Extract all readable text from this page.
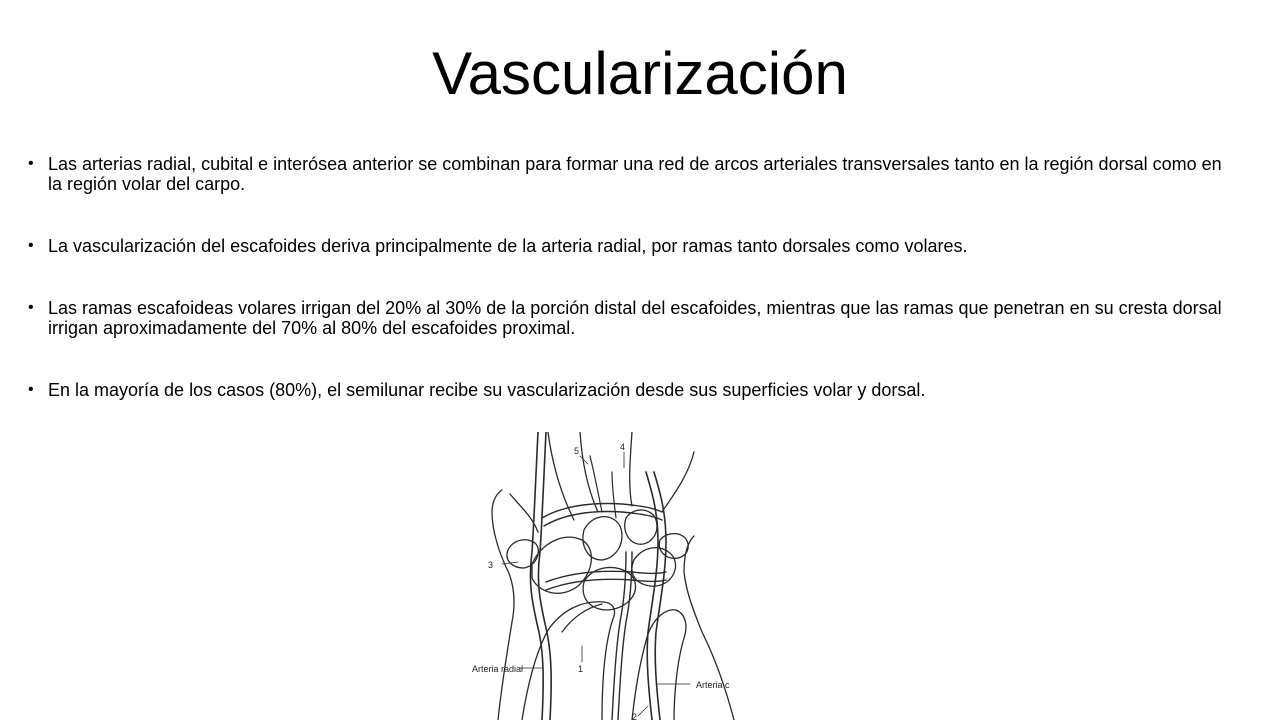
Vascularización
• Las arterias radial, cubital e interósea anterior se combinan para formar una red de arcos arteriales transversales tanto en la región dorsal como en la región volar del carpo.
• La vascularización del escafoides deriva principalmente de la arteria radial, por ramas tanto dorsales como volares.
• Las ramas escafoideas volares irrigan del 20% al 30% de la porción distal del escafoides, mientras que las ramas que penetran en su cresta dorsal irrigan aproximadamente del 70% al 80% del escafoides proximal.
• En la mayoría de los casos (80%), el semilunar recibe su vascularización desde sus superficies volar y dorsal.
3
5	4
1
2
Arteria radial
Arteria c
